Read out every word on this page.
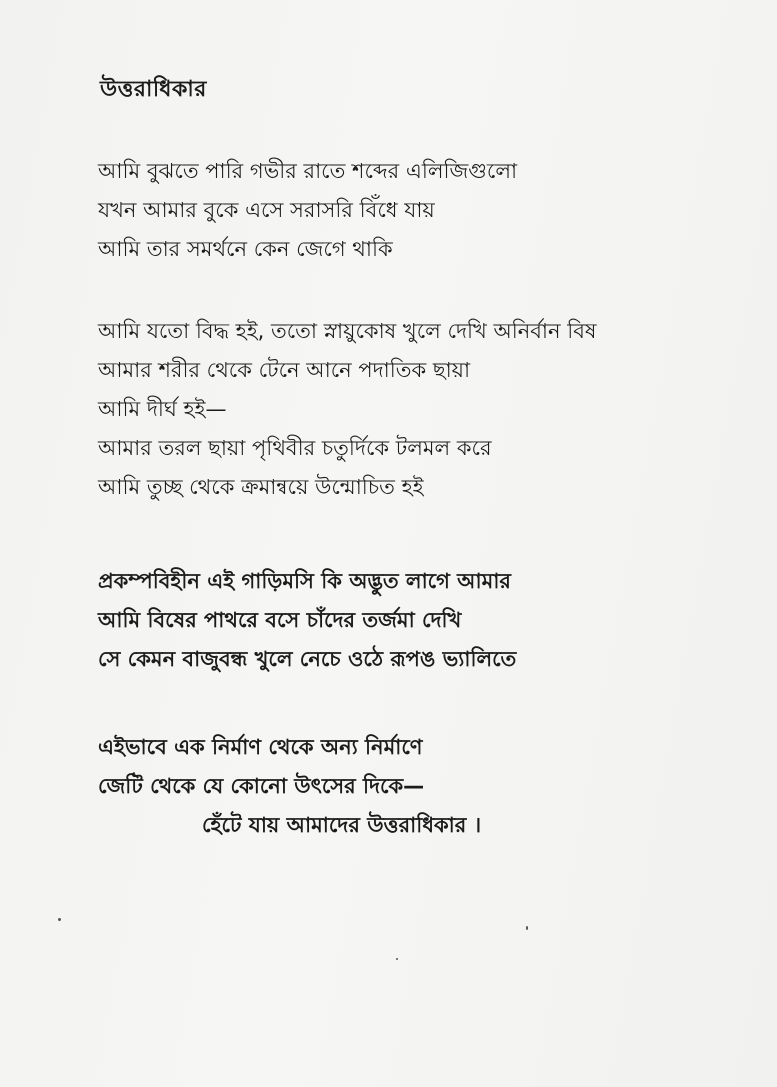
উত্তরাধিকার
আমি বুঝতে পারি গভীর রাতে শব্দের এলিজিগুলো
যখন আমার বুকে এসে সরাসরি বিঁধে যায়
আমি তার সমর্থনে কেন জেগে থাকি
আমি যতো বিদ্ধ হই, ততো স্নায়ুকোষ খুলে দেখি অনির্বান বিষ
আমার শরীর থেকে টেনে আনে পদাতিক ছায়া
আমি দীর্ঘ হই—
আমার তরল ছায়া পৃথিবীর চতুর্দিকে টলমল করে
আমি তুচ্ছ থেকে ক্রমান্বয়ে উন্মোচিত হই
প্রকম্পবিহীন এই গাড়িমসি কি অদ্ভুত লাগে আমার
আমি বিষের পাথরে বসে চাঁদের তর্জমা দেখি
সে কেমন বাজুবন্ধ খুলে নেচে ওঠে রূপঙ ভ্যালিতে
এইভাবে এক নির্মাণ থেকে অন্য নির্মাণে
জেটি থেকে যে কোনো উৎসের দিকে—
হেঁটে যায় আমাদের উত্তরাধিকার ।
